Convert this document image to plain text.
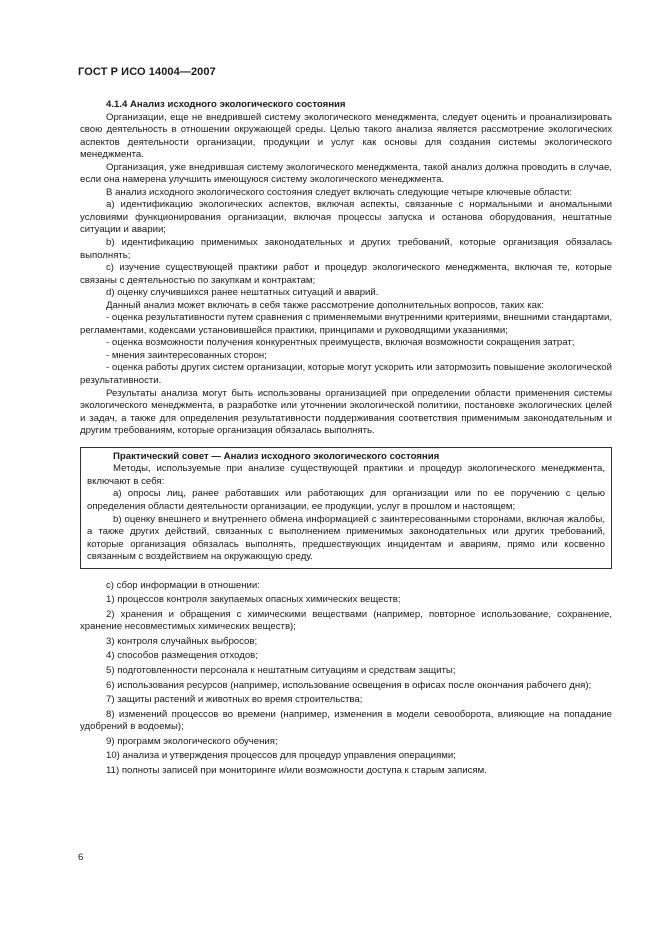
ГОСТ Р ИСО 14004—2007

4.1.4 Анализ исходного экологического состояния

Организации, еще не внедрившей систему экологического менеджмента, следует оценить и проанализировать свою деятельность в отношении окружающей среды. Целью такого анализа является рассмотрение экологических аспектов деятельности организации, продукции и услуг как основы для создания системы экологического менеджмента.

Организация, уже внедрившая систему экологического менеджмента, такой анализ должна проводить в случае, если она намерена улучшить имеющуюся систему экологического менеджмента.

В анализ исходного экологического состояния следует включать следующие четыре ключевые области:

a) идентификацию экологических аспектов, включая аспекты, связанные с нормальными и аномальными условиями функционирования организации, включая процессы запуска и останова оборудования, нештатные ситуации и аварии;

b) идентификацию применимых законодательных и других требований, которые организация обязалась выполнять;

c) изучение существующей практики работ и процедур экологического менеджмента, включая те, которые связаны с деятельностью по закупкам и контрактам;

d) оценку случившихся ранее нештатных ситуаций и аварий.

Данный анализ может включать в себя также рассмотрение дополнительных вопросов, таких как:

- оценка результативности путем сравнения с применяемыми внутренними критериями, внешними стандартами, регламентами, кодексами установившейся практики, принципами и руководящими указаниями;

- оценка возможности получения конкурентных преимуществ, включая возможности сокращения затрат;

- мнения заинтересованных сторон;

- оценка работы других систем организации, которые могут ускорить или затормозить повышение экологической результативности.

Результаты анализа могут быть использованы организацией при определении области применения системы экологического менеджмента, в разработке или уточнении экологической политики, постановке экологических целей и задач, а также для определения результативности поддерживания соответствия применимым законодательным и другим требованиям, которые организация обязалась выполнять.

Практический совет — Анализ исходного экологического состояния

Методы, используемые при анализе существующей практики и процедур экологического менеджмента, включают в себя:

a) опросы лиц, ранее работавших или работающих для организации или по ее поручению с целью определения области деятельности организации, ее продукции, услуг в прошлом и настоящем;

b) оценку внешнего и внутреннего обмена информацией с заинтересованными сторонами, включая жалобы, а также других действий, связанных с выполнением применимых законодательных или других требований, которые организация обязалась выполнять, предшествующих инцидентам и авариям, прямо или косвенно связанным с воздействием на окружающую среду.

c) сбор информации в отношении:

1) процессов контроля закупаемых опасных химических веществ;

2) хранения и обращения с химическими веществами (например, повторное использование, сохранение, хранение несовместимых химических веществ);

3) контроля случайных выбросов;

4) способов размещения отходов;

5) подготовленности персонала к нештатным ситуациям и средствам защиты;

6) использования ресурсов (например, использование освещения в офисах после окончания рабочего дня);

7) защиты растений и животных во время строительства;

8) изменений процессов во времени (например, изменения в модели севооборота, влияющие на попадание удобрений в водоемы);

9) программ экологического обучения;

10) анализа и утверждения процессов для процедур управления операциями;

11) полноты записей при мониторинге и/или возможности доступа к старым записям.

6
